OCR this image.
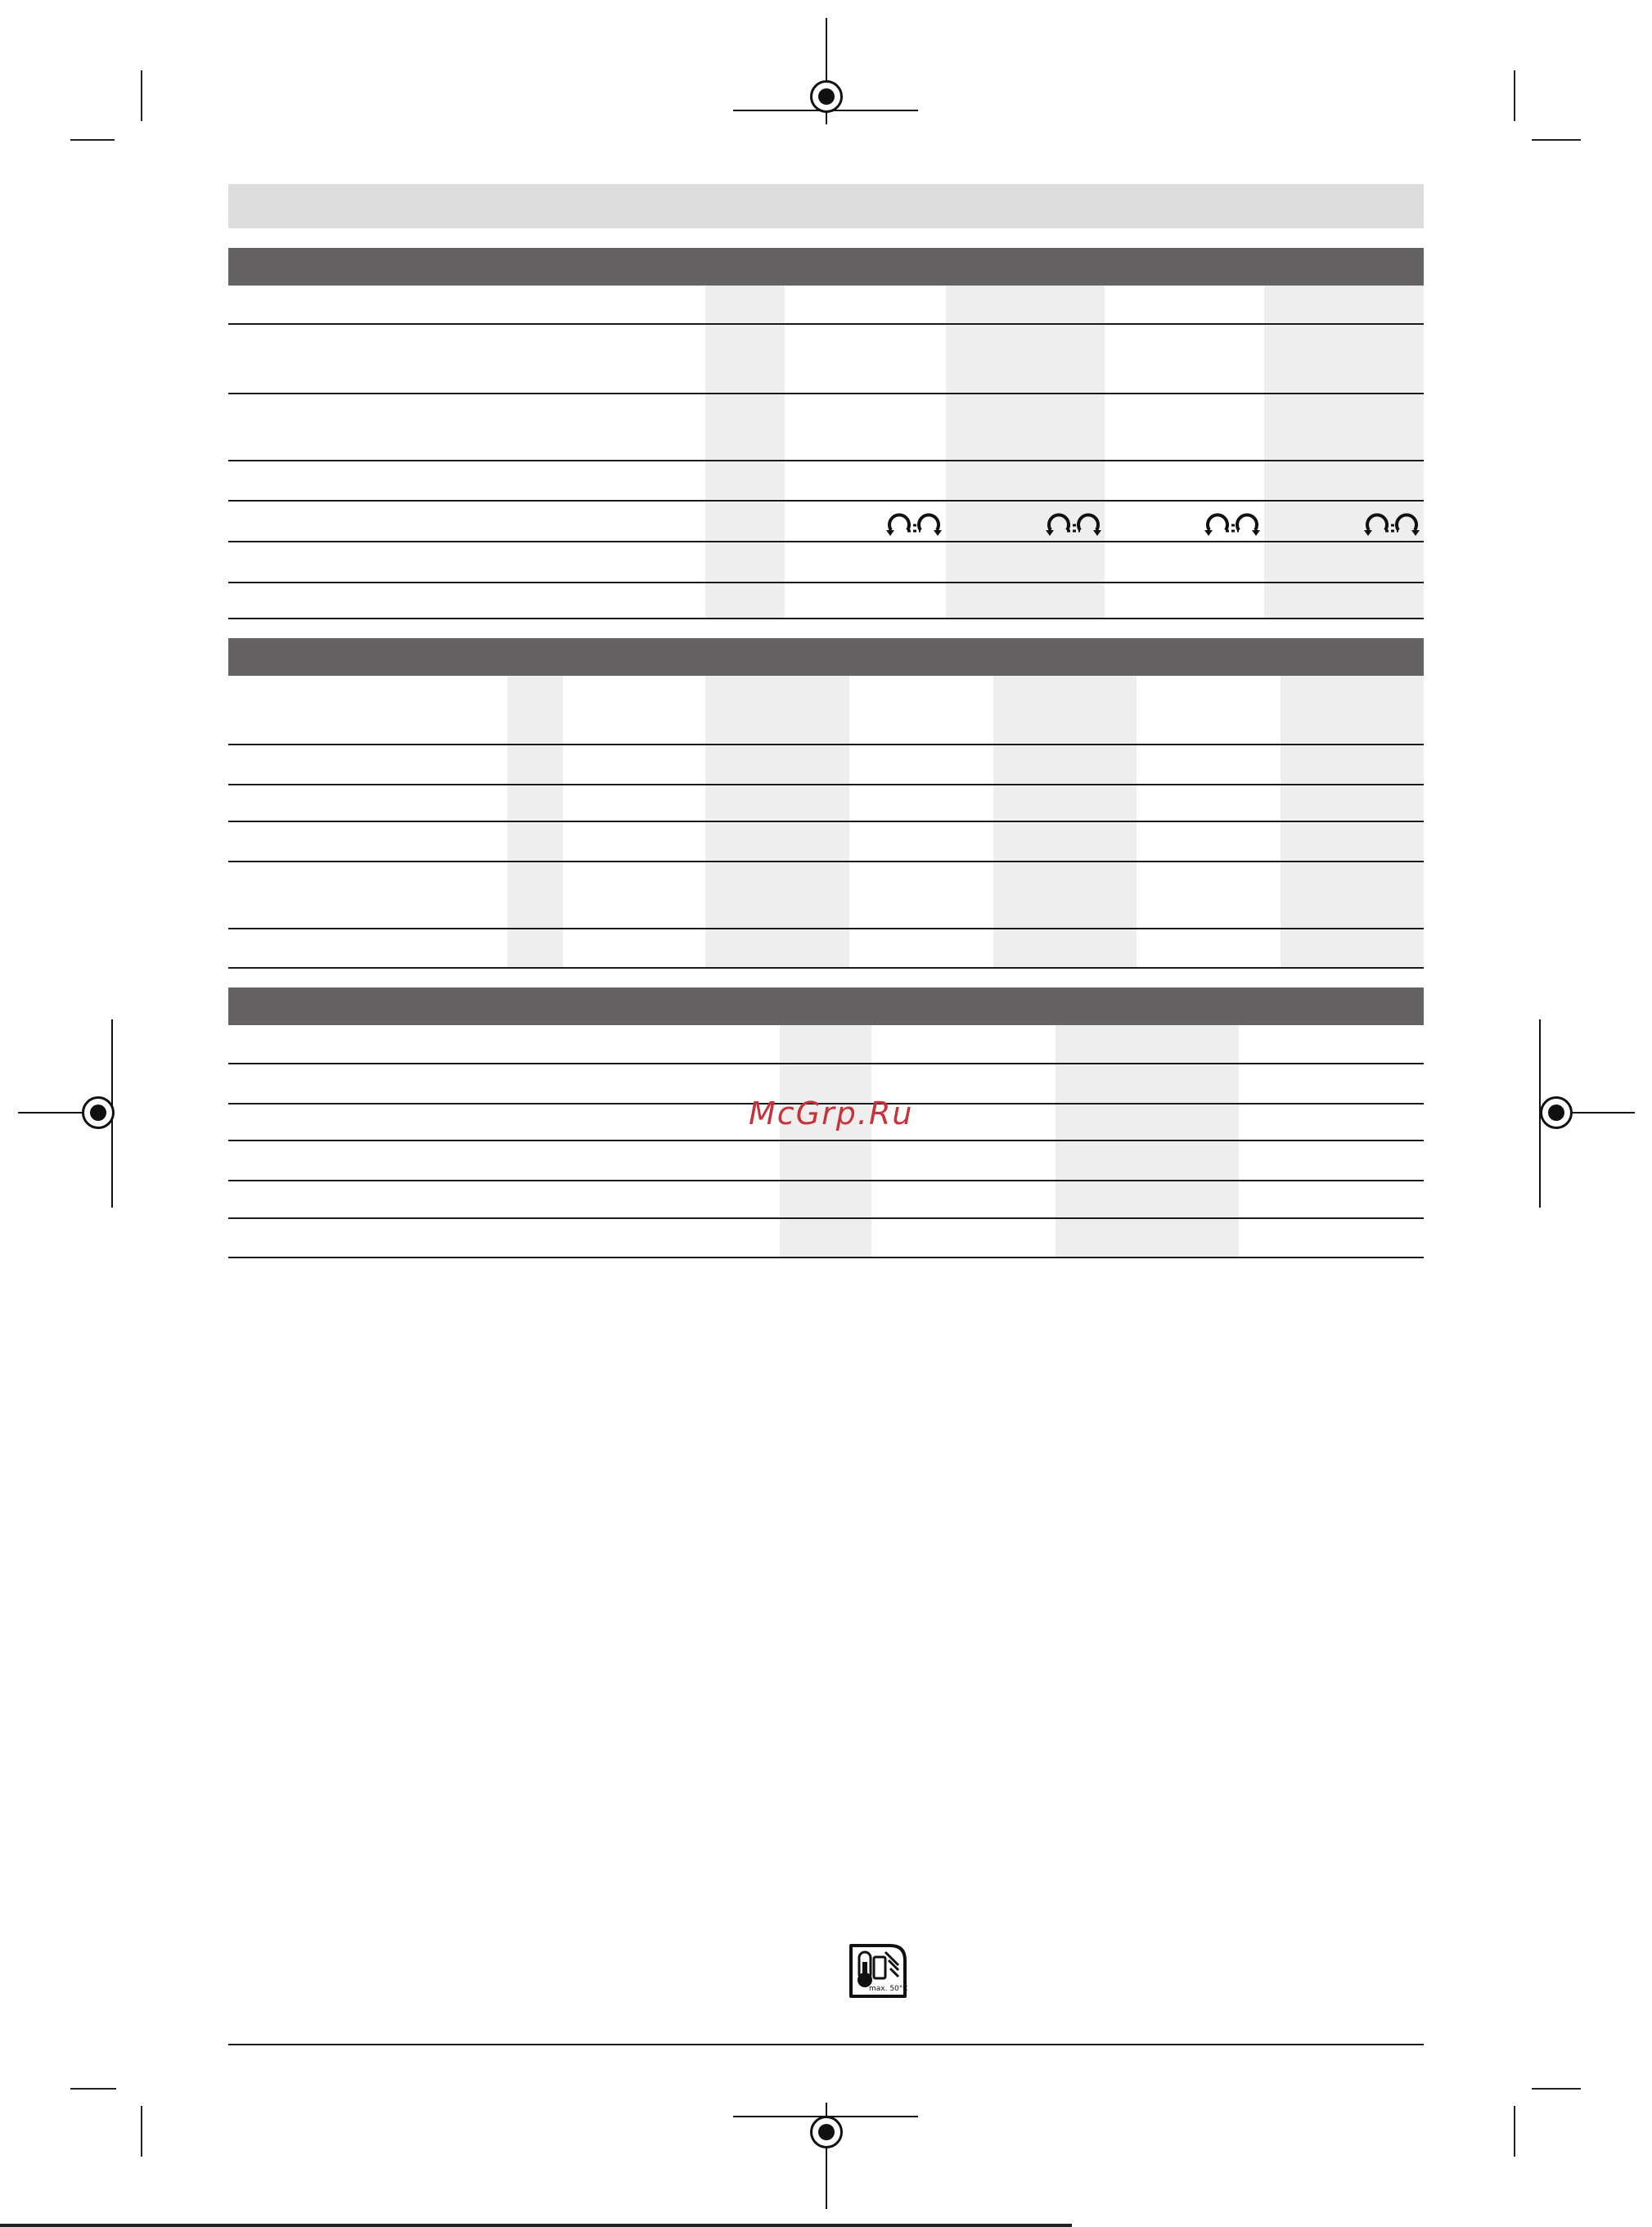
McGrp.Ru
max. 50°C
